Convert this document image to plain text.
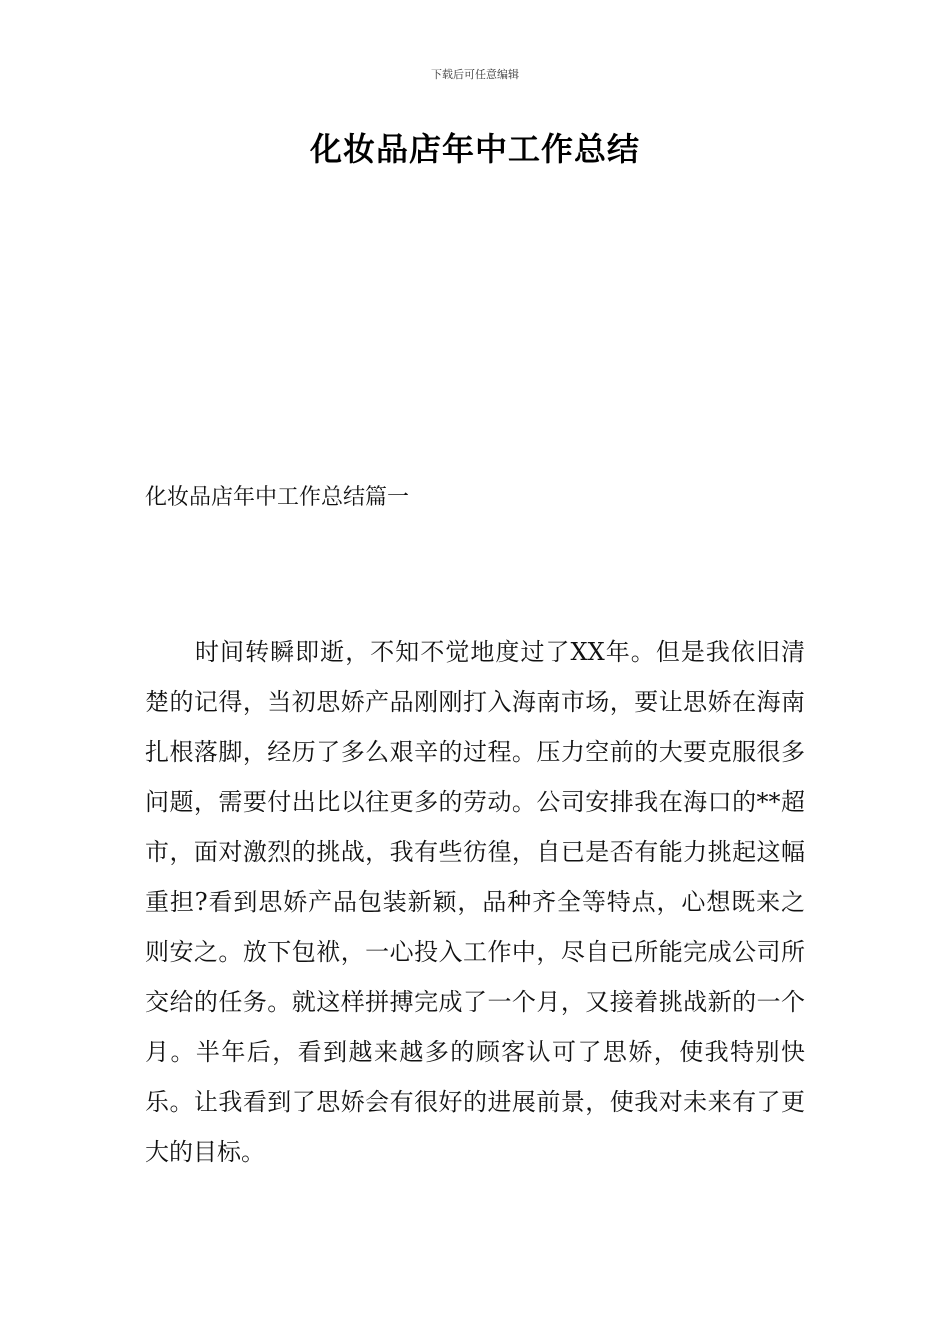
下载后可任意编辑
化妆品店年中工作总结
化妆品店年中工作总结篇一

时间转瞬即逝，不知不觉地度过了XX年。但是我依旧清楚的记得，当初思娇产品刚刚打入海南市场，要让思娇在海南扎根落脚，经历了多么艰辛的过程。压力空前的大要克服很多问题，需要付出比以往更多的劳动。公司安排我在海口的**超市，面对激烈的挑战，我有些彷徨，自已是否有能力挑起这幅重担?看到思娇产品包装新颖，品种齐全等特点，心想既来之则安之。放下包袱，一心投入工作中，尽自已所能完成公司所交给的任务。就这样拼搏完成了一个月，又接着挑战新的一个月。半年后，看到越来越多的顾客认可了思娇，使我特别快乐。让我看到了思娇会有很好的进展前景，使我对未来有了更大的目标。
